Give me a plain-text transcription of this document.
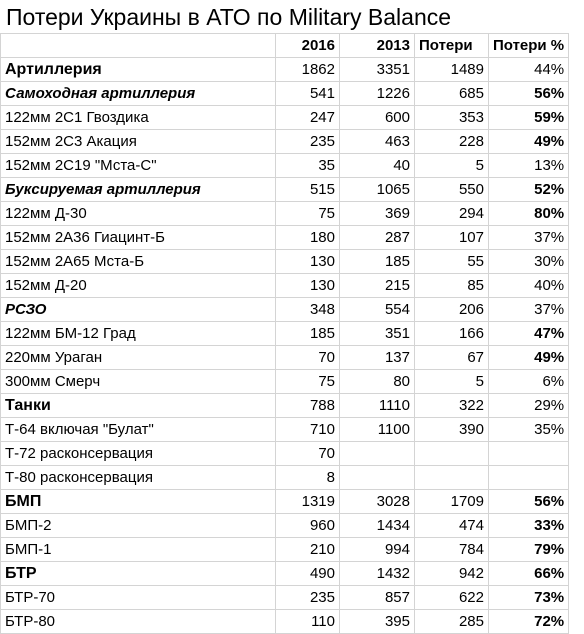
Потери Украины в АТО по Military Balance
	2016	2013	Потери	Потери %
Артиллерия	1862	3351	1489	44%
Самоходная артиллерия	541	1226	685	56%
122мм 2С1 Гвоздика	247	600	353	59%
152мм 2С3 Акация	235	463	228	49%
152мм 2С19 "Мста-С"	35	40	5	13%
Буксируемая артиллерия	515	1065	550	52%
122мм Д-30	75	369	294	80%
152мм 2А36 Гиацинт-Б	180	287	107	37%
152мм 2А65 Мста-Б	130	185	55	30%
152мм Д-20	130	215	85	40%
РСЗО	348	554	206	37%
122мм БМ-12 Град	185	351	166	47%
220мм Ураган	70	137	67	49%
300мм Смерч	75	80	5	6%
Танки	788	1110	322	29%
Т-64 включая "Булат"	710	1100	390	35%
Т-72 расконсервация	70			
Т-80 расконсервация	8			
БМП	1319	3028	1709	56%
БМП-2	960	1434	474	33%
БМП-1	210	994	784	79%
БТР	490	1432	942	66%
БТР-70	235	857	622	73%
БТР-80	110	395	285	72%
